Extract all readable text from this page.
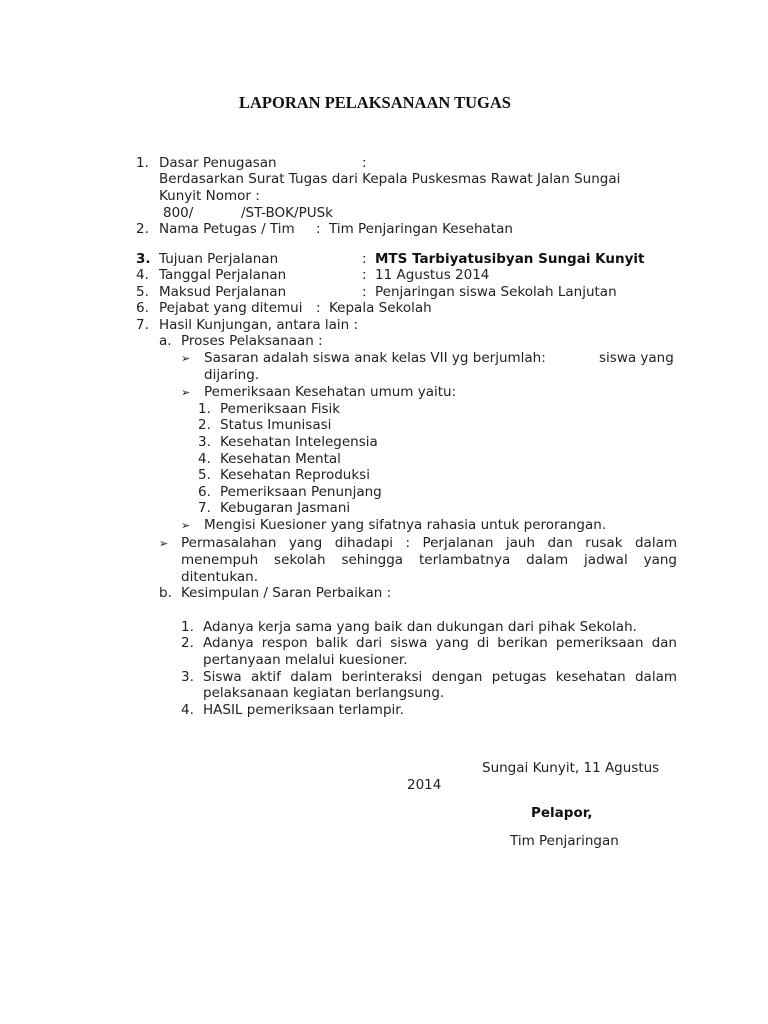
LAPORAN PELAKSANAAN TUGAS
1. Dasar Penugasan	:
Berdasarkan Surat Tugas dari Kepala Puskesmas Rawat Jalan Sungai
Kunyit Nomor :
800/	/ST-BOK/PUSk
2. Nama Petugas / Tim : Tim Penjaringan Kesehatan
3. Tujuan Perjalanan	: MTS Tarbiyatusibyan Sungai Kunyit
4. Tanggal Perjalanan	: 11 Agustus 2014
5. Maksud Perjalanan	: Penjaringan siswa Sekolah Lanjutan
6. Pejabat yang ditemui : Kepala Sekolah
7. Hasil Kunjungan, antara lain :
a. Proses Pelaksanaan :
➢ Sasaran adalah siswa anak kelas VII yg berjumlah:	siswa yang
dijaring.
➢ Pemeriksaan Kesehatan umum yaitu:
1. Pemeriksaan Fisik
2. Status Imunisasi
3. Kesehatan Intelegensia
4. Kesehatan Mental
5. Kesehatan Reproduksi
6. Pemeriksaan Penunjang
7. Kebugaran Jasmani
➢ Mengisi Kuesioner yang sifatnya rahasia untuk perorangan.
➢ Permasalahan yang dihadapi : Perjalanan jauh dan rusak dalam
menempuh sekolah sehingga terlambatnya dalam jadwal yang
ditentukan.
b. Kesimpulan / Saran Perbaikan :
1. Adanya kerja sama yang baik dan dukungan dari pihak Sekolah.
2. Adanya respon balik dari siswa yang di berikan pemeriksaan dan
pertanyaan melalui kuesioner.
3. Siswa aktif dalam berinteraksi dengan petugas kesehatan dalam
pelaksanaan kegiatan berlangsung.
4. HASIL pemeriksaan terlampir.
Sungai Kunyit, 11 Agustus
2014
Pelapor,
Tim Penjaringan
